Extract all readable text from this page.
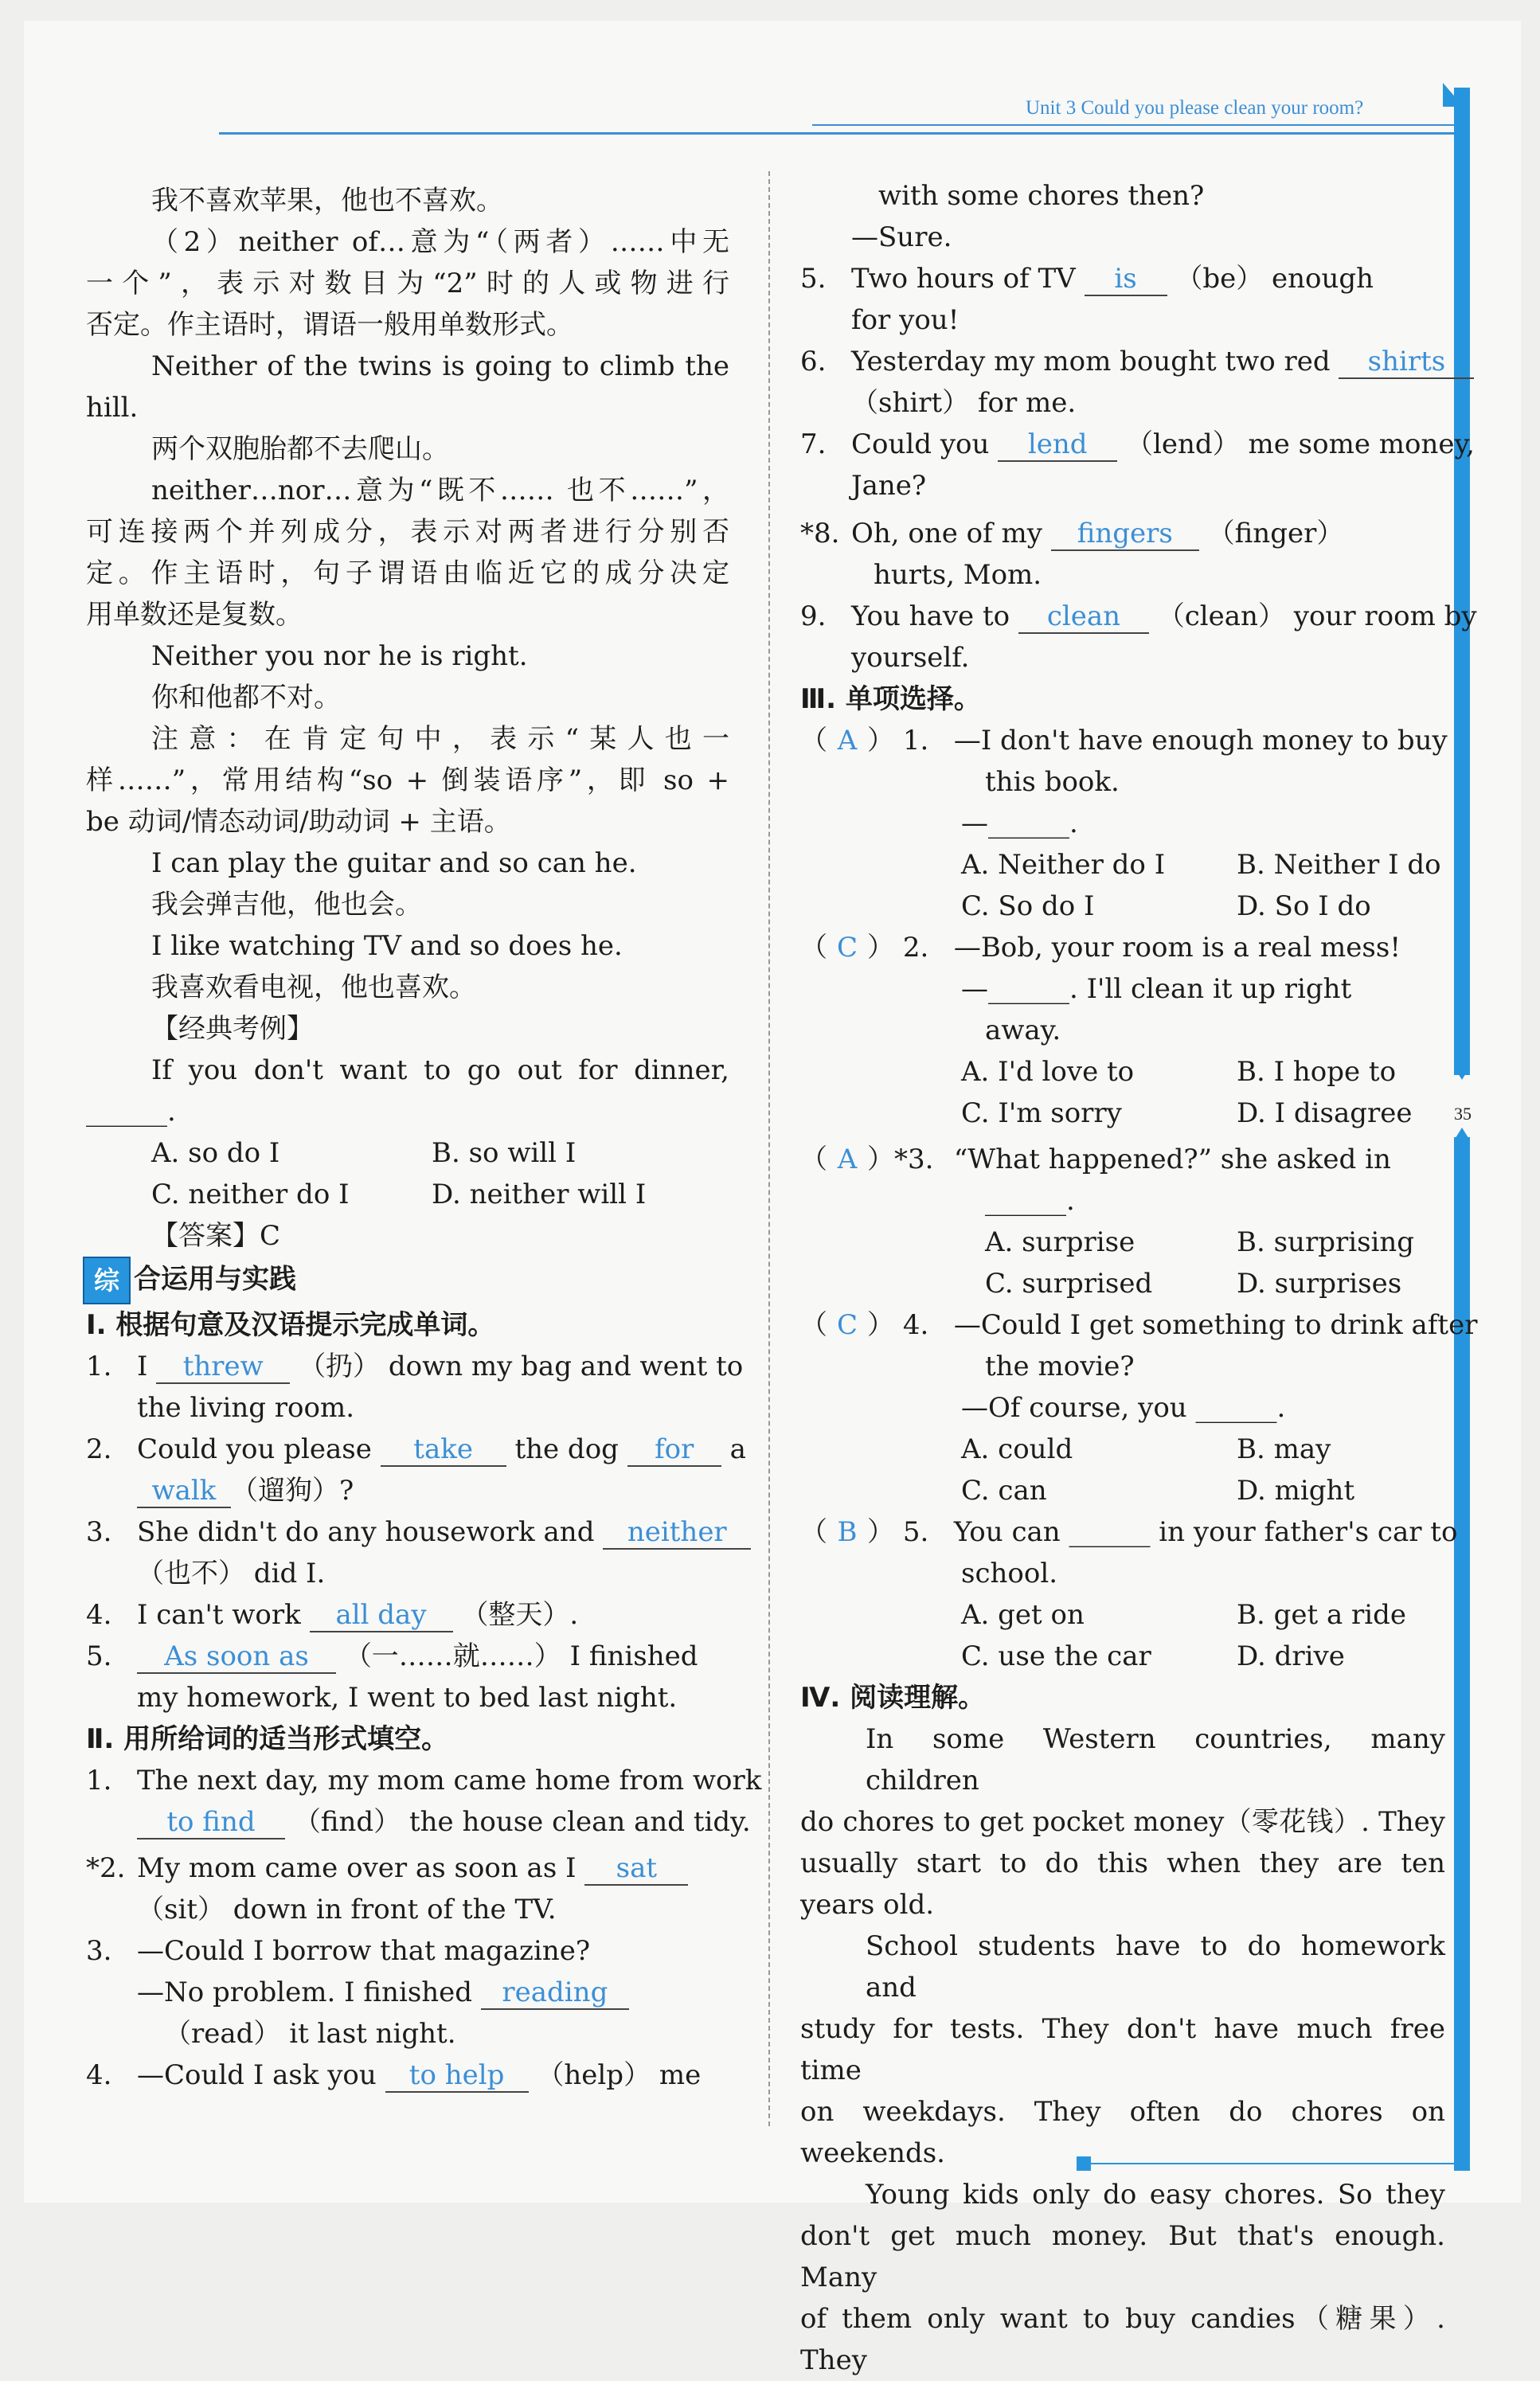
Unit 3 Could you please clean your room?
35
我不喜欢苹果，他也不喜欢。
（2）neither of…意为“（两者）……中无
一个”，表示对数目为“2”时的人或物进行
否定。作主语时，谓语一般用单数形式。
Neither of the twins is going to climb the
hill.
两个双胞胎都不去爬山。
neither…nor…意为“既不…… 也不……”，
可连接两个并列成分，表示对两者进行分别否
定。作主语时，句子谓语由临近它的成分决定
用单数还是复数。
Neither you nor he is right.
你和他都不对。
注意：在肯定句中，表示“某人也一
样……”，常用结构“so + 倒装语序”，即 so +
be 动词/情态动词/助动词 + 主语。
I can play the guitar and so can he.
我会弹吉他，他也会。
I like watching TV and so does he.
我喜欢看电视，他也喜欢。
【经典考例】
If you don't want to go out for dinner,
______.
A. so do I	B. so will I
C. neither do I	D. neither will I
【答案】C
综 合运用与实践
Ⅰ. 根据句意及汉语提示完成单词。
1. I threw （扔） down my bag and went to
the living room.
2. Could you please take the dog for a
walk （遛狗）?
3. She didn't do any housework and neither
（也不） did I.
4. I can't work all day （整天）.
5. As soon as （一……就……） I finished
my homework, I went to bed last night.
Ⅱ. 用所给词的适当形式填空。
1. The next day, my mom came home from work
to find （find） the house clean and tidy.
*2. My mom came over as soon as I sat
（sit） down in front of the TV.
3. —Could I borrow that magazine?
—No problem. I finished reading
（read） it last night.
4. —Could I ask you to help （help） me
with some chores then?
—Sure.
5. Two hours of TV is （be） enough
for you!
6. Yesterday my mom bought two red shirts
（shirt） for me.
7. Could you lend （lend） me some money,
Jane?
*8. Oh, one of my fingers （finger）
hurts, Mom.
9. You have to clean （clean） your room by
yourself.
Ⅲ. 单项选择。
（ A ） 1. —I don't have enough money to buy
this book.
—______.
A. Neither do I	B. Neither I do
C. So do I	D. So I do
（ C ） 2. —Bob, your room is a real mess!
—______. I'll clean it up right
away.
A. I'd love to	B. I hope to
C. I'm sorry	D. I disagree
（ A ）*3. “What happened?” she asked in
______.
A. surprise	B. surprising
C. surprised	D. surprises
（ C ） 4. —Could I get something to drink after
the movie?
—Of course, you ______.
A. could	B. may
C. can	D. might
（ B ） 5. You can ______ in your father's car to
school.
A. get on	B. get a ride
C. use the car	D. drive
Ⅳ. 阅读理解。
In some Western countries, many children
do chores to get pocket money（零花钱）. They
usually start to do this when they are ten
years old.
School students have to do homework and
study for tests. They don't have much free time
on weekdays. They often do chores on weekends.
Young kids only do easy chores. So they
don't get much money. But that's enough. Many
of them only want to buy candies（糖果）. They
